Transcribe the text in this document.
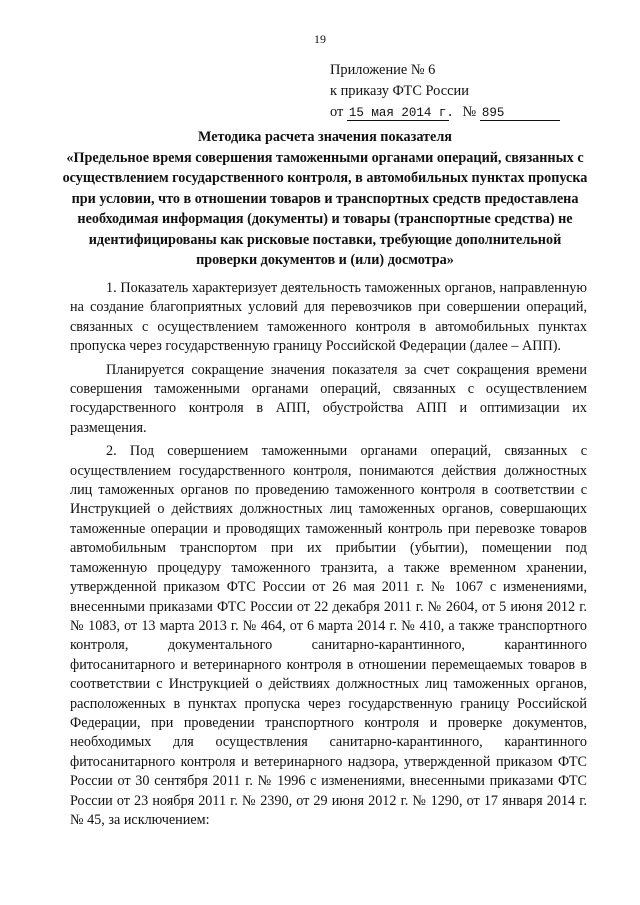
19
Приложение № 6
к приказу ФТС России
от 15 мая 2014 г. № 895
Методика расчета значения показателя
«Предельное время совершения таможенными органами операций, связанных с осуществлением государственного контроля, в автомобильных пунктах пропуска при условии, что в отношении товаров и транспортных средств предоставлена необходимая информация (документы) и товары (транспортные средства) не идентифицированы как рисковые поставки, требующие дополнительной проверки документов и (или) досмотра»

1. Показатель характеризует деятельность таможенных органов, направленную на создание благоприятных условий для перевозчиков при совершении операций, связанных с осуществлением таможенного контроля в автомобильных пунктах пропуска через государственную границу Российской Федерации (далее – АПП).

Планируется сокращение значения показателя за счет сокращения времени совершения таможенными органами операций, связанных с осуществлением государственного контроля в АПП, обустройства АПП и оптимизации их размещения.

2. Под совершением таможенными органами операций, связанных с осуществлением государственного контроля, понимаются действия должностных лиц таможенных органов по проведению таможенного контроля в соответствии с Инструкцией о действиях должностных лиц таможенных органов, совершающих таможенные операции и проводящих таможенный контроль при перевозке товаров автомобильным транспортом при их прибытии (убытии), помещении под таможенную процедуру таможенного транзита, а также временном хранении, утвержденной приказом ФТС России от 26 мая 2011 г. № 1067 с изменениями, внесенными приказами ФТС России от 22 декабря 2011 г. № 2604, от 5 июня 2012 г. № 1083, от 13 марта 2013 г. № 464, от 6 марта 2014 г. № 410, а также транспортного контроля, документального санитарно-карантинного, карантинного фитосанитарного и ветеринарного контроля в отношении перемещаемых товаров в соответствии с Инструкцией о действиях должностных лиц таможенных органов, расположенных в пунктах пропуска через государственную границу Российской Федерации, при проведении транспортного контроля и проверке документов, необходимых для осуществления санитарно-карантинного, карантинного фитосанитарного контроля и ветеринарного надзора, утвержденной приказом ФТС России от 30 сентября 2011 г. № 1996 с изменениями, внесенными приказами ФТС России от 23 ноября 2011 г. № 2390, от 29 июня 2012 г. № 1290, от 17 января 2014 г. № 45, за исключением:
